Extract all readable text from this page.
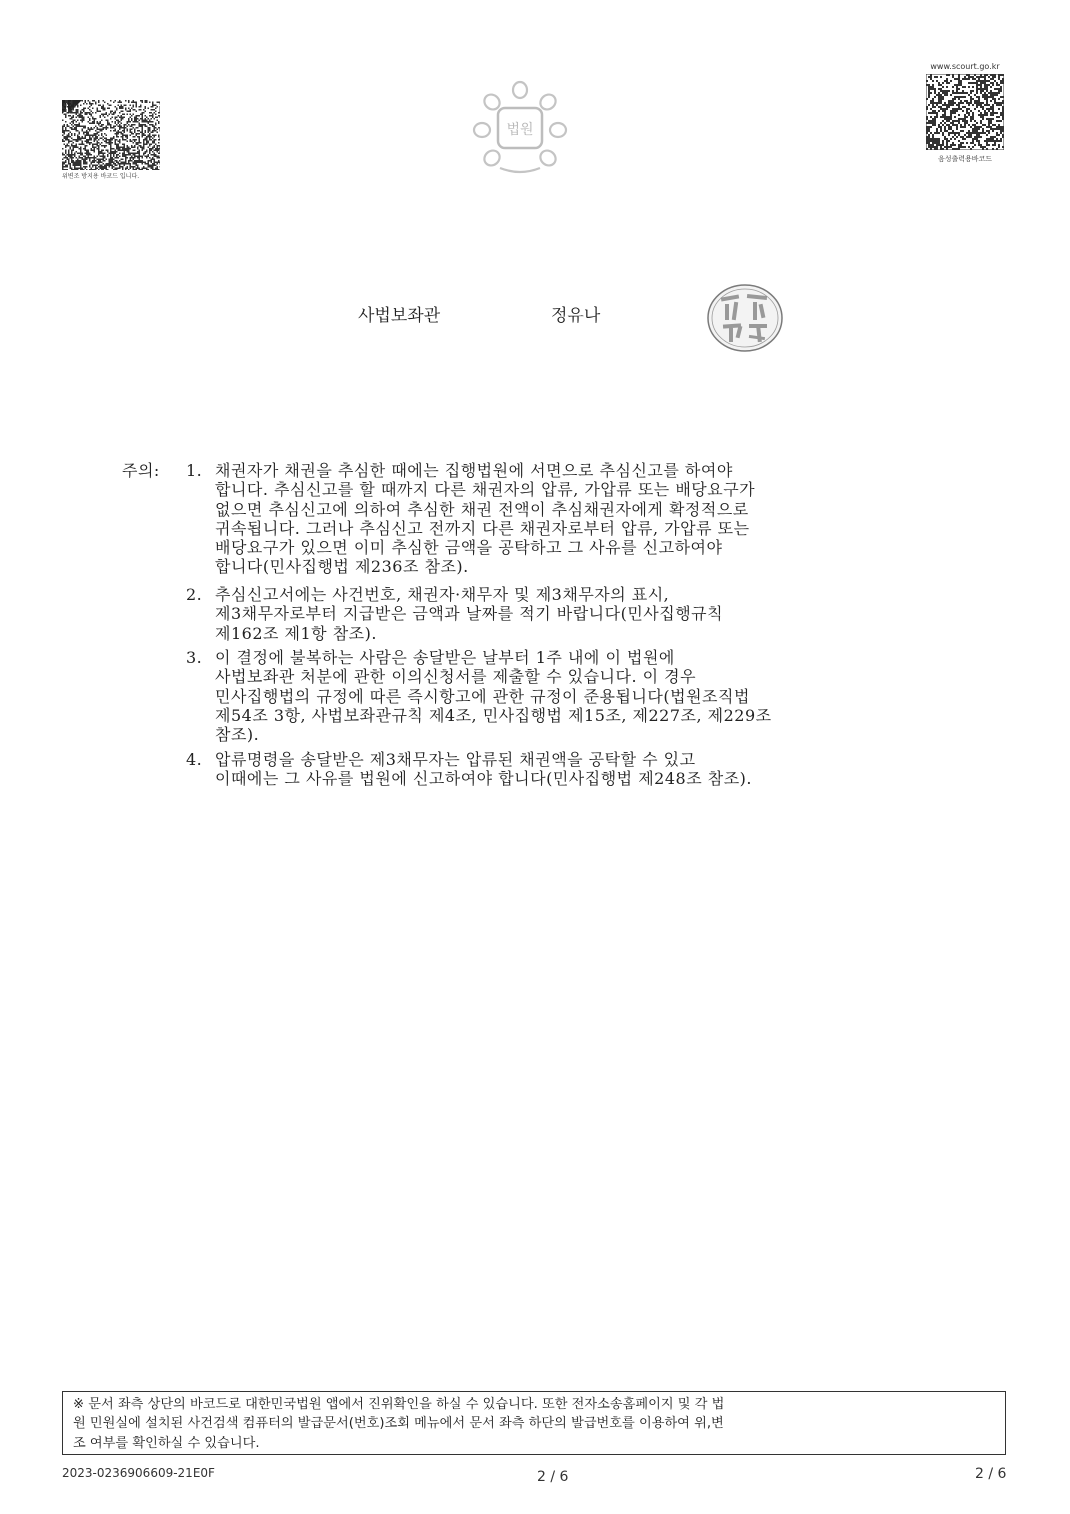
위변조 방지용 바코드 입니다.
법원
www.scourt.go.kr
음성출력용바코드
사법보좌관	정유나
주의: 1. 채권자가 채권을 추심한 때에는 집행법원에 서면으로 추심신고를 하여야
합니다. 추심신고를 할 때까지 다른 채권자의 압류, 가압류 또는 배당요구가
없으면 추심신고에 의하여 추심한 채권 전액이 추심채권자에게 확정적으로
귀속됩니다. 그러나 추심신고 전까지 다른 채권자로부터 압류, 가압류 또는
배당요구가 있으면 이미 추심한 금액을 공탁하고 그 사유를 신고하여야
합니다(민사집행법 제236조 참조).
2. 추심신고서에는 사건번호, 채권자·채무자 및 제3채무자의 표시,
제3채무자로부터 지급받은 금액과 날짜를 적기 바랍니다(민사집행규칙
제162조 제1항 참조).
3. 이 결정에 불복하는 사람은 송달받은 날부터 1주 내에 이 법원에
사법보좌관 처분에 관한 이의신청서를 제출할 수 있습니다. 이 경우
민사집행법의 규정에 따른 즉시항고에 관한 규정이 준용됩니다(법원조직법
제54조 3항, 사법보좌관규칙 제4조, 민사집행법 제15조, 제227조, 제229조
참조).
4. 압류명령을 송달받은 제3채무자는 압류된 채권액을 공탁할 수 있고
이때에는 그 사유를 법원에 신고하여야 합니다(민사집행법 제248조 참조).
※ 문서 좌측 상단의 바코드로 대한민국법원 앱에서 진위확인을 하실 수 있습니다. 또한 전자소송홈페이지 및 각 법
원 민원실에 설치된 사건검색 컴퓨터의 발급문서(번호)조회 메뉴에서 문서 좌측 하단의 발급번호를 이용하여 위,변
조 여부를 확인하실 수 있습니다.
2023-0236906609-21E0F	2 / 6	2 / 6
